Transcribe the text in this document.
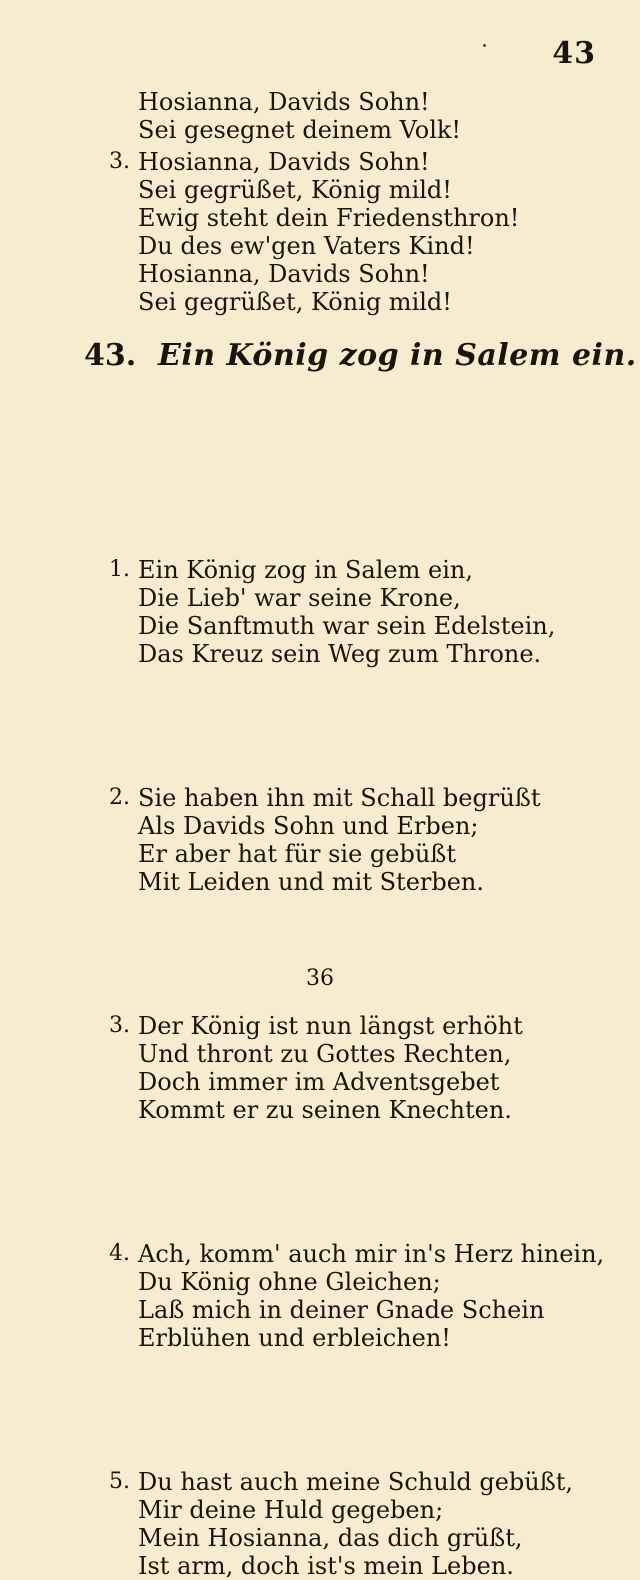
43
Hosianna, Davids Sohn!
Sei gesegnet deinem Volk!
3. Hosianna, Davids Sohn!
Sei gegrüßet, König mild!
Ewig steht dein Friedensthron!
Du des ew'gen Vaters Kind!
Hosianna, Davids Sohn!
Sei gegrüßet, König mild!
43. Ein König zog in Salem ein.
1. Ein König zog in Salem ein,
Die Lieb' war seine Krone,
Die Sanftmuth war sein Edelstein,
Das Kreuz sein Weg zum Throne.
2. Sie haben ihn mit Schall begrüßt
Als Davids Sohn und Erben;
Er aber hat für sie gebüßt
Mit Leiden und mit Sterben.
3. Der König ist nun längst erhöht
Und thront zu Gottes Rechten,
Doch immer im Adventsgebet
Kommt er zu seinen Knechten.
4. Ach, komm' auch mir in's Herz hinein,
Du König ohne Gleichen;
Laß mich in deiner Gnade Schein
Erblühen und erbleichen!
5. Du hast auch meine Schuld gebüßt,
Mir deine Huld gegeben;
Mein Hosianna, das dich grüßt,
Ist arm, doch ist's mein Leben.
36
